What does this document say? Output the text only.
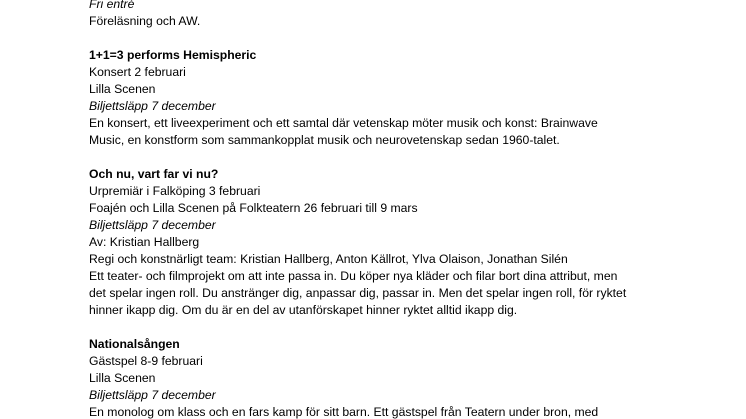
Fri entré
Föreläsning och AW.
1+1=3 performs Hemispheric
Konsert 2 februari
Lilla Scenen
Biljettsläpp 7 december
En konsert, ett liveexperiment och ett samtal där vetenskap möter musik och konst: Brainwave
Music, en konstform som sammankopplat musik och neurovetenskap sedan 1960-talet.
Och nu, vart far vi nu?
Urpremiär i Falköping 3 februari
Foajén och Lilla Scenen på Folkteatern 26 februari till 9 mars
Biljettsläpp 7 december
Av: Kristian Hallberg
Regi och konstnärligt team: Kristian Hallberg, Anton Källrot, Ylva Olaison, Jonathan Silén
Ett teater- och filmprojekt om att inte passa in. Du köper nya kläder och filar bort dina attribut, men
det spelar ingen roll. Du anstränger dig, anpassar dig, passar in. Men det spelar ingen roll, för ryktet
hinner ikapp dig. Om du är en del av utanförskapet hinner ryktet alltid ikapp dig.
Nationalsången
Gästspel 8-9 februari
Lilla Scenen
Biljettsläpp 7 december
En monolog om klass och en fars kamp för sitt barn. Ett gästspel från Teatern under bron, med
